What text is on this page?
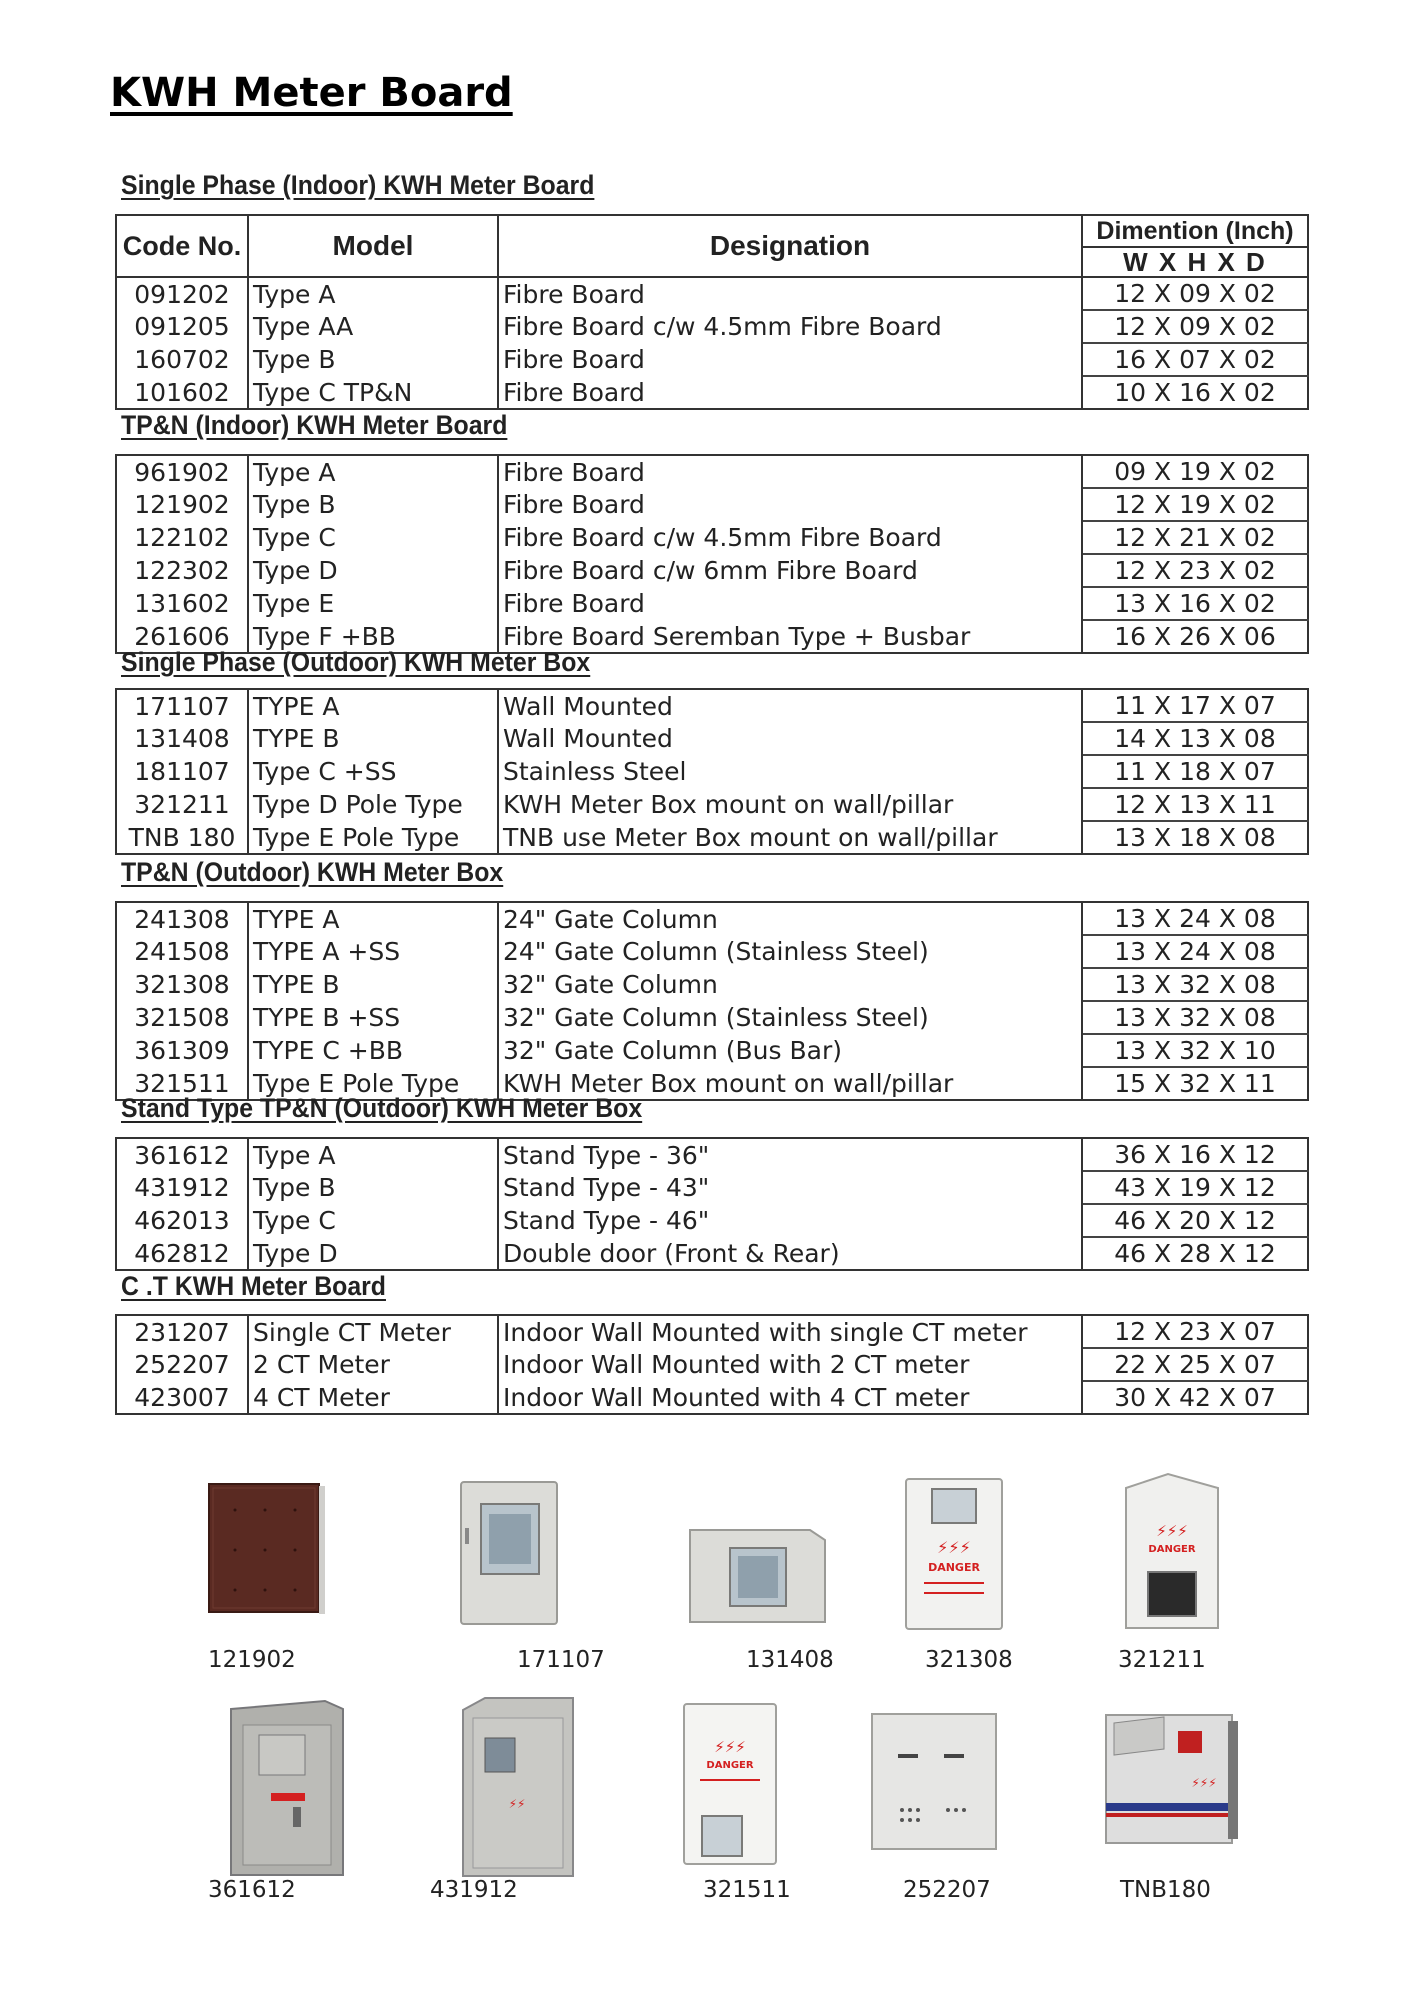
KWH Meter Board
Single Phase (Indoor) KWH Meter Board
Code No.	Model	Designation	Dimention (Inch)
W X H X D

091202	Type A	Fibre Board	12 X 09 X 02
091205	Type AA	Fibre Board c/w 4.5mm Fibre Board	12 X 09 X 02
160702	Type B	Fibre Board	16 X 07 X 02
101602	Type C TP&N	Fibre Board	10 X 16 X 02
TP&N (Indoor) KWH Meter Board
961902	Type A	Fibre Board	09 X 19 X 02
121902	Type B	Fibre Board	12 X 19 X 02
122102	Type C	Fibre Board c/w 4.5mm Fibre Board	12 X 21 X 02
122302	Type D	Fibre Board c/w 6mm Fibre Board	12 X 23 X 02
131602	Type E	Fibre Board	13 X 16 X 02
261606	Type F +BB	Fibre Board Seremban Type + Busbar	16 X 26 X 06
Single Phase (Outdoor) KWH Meter Box
171107	TYPE A	Wall Mounted	11 X 17 X 07
131408	TYPE B	Wall Mounted	14 X 13 X 08
181107	Type C +SS	Stainless Steel	11 X 18 X 07
321211	Type D Pole Type	KWH Meter Box mount on wall/pillar	12 X 13 X 11
TNB 180	Type E Pole Type	TNB use Meter Box mount on wall/pillar	13 X 18 X 08
TP&N (Outdoor) KWH Meter Box
241308	TYPE A	24" Gate Column	13 X 24 X 08
241508	TYPE A +SS	24" Gate Column (Stainless Steel)	13 X 24 X 08
321308	TYPE B	32" Gate Column	13 X 32 X 08
321508	TYPE B +SS	32" Gate Column (Stainless Steel)	13 X 32 X 08
361309	TYPE C +BB	32" Gate Column (Bus Bar)	13 X 32 X 10
321511	Type E Pole Type	KWH Meter Box mount on wall/pillar	15 X 32 X 11
Stand Type TP&N (Outdoor) KWH Meter Box
361612	Type A	Stand Type - 36"	36 X 16 X 12
431912	Type B	Stand Type - 43"	43 X 19 X 12
462013	Type C	Stand Type - 46"	46 X 20 X 12
462812	Type D	Double door (Front & Rear)	46 X 28 X 12
C .T KWH Meter Board
231207	Single CT Meter	Indoor Wall Mounted with single CT meter	12 X 23 X 07
252207	2 CT Meter	Indoor Wall Mounted with 2 CT meter	22 X 25 X 07
423007	4 CT Meter	Indoor Wall Mounted with 4 CT meter	30 X 42 X 07
⚡⚡⚡
DANGER
⚡⚡⚡
DANGER
121902	171107	131408	321308	321211
⚡⚡
⚡⚡⚡
DANGER
⚡⚡⚡
361612	431912	321511	252207	TNB180
